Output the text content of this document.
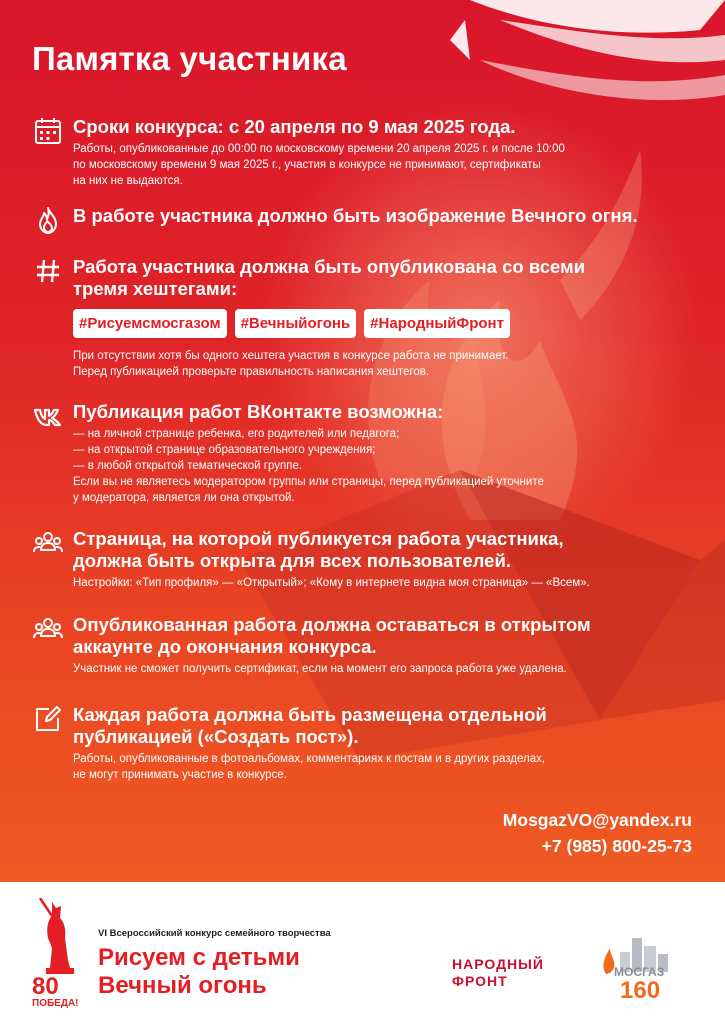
Памятка участника
Сроки конкурса: с 20 апреля по 9 мая 2025 года.
Работы, опубликованные до 00:00 по московскому времени 20 апреля 2025 г. и после 10:00
по московскому времени 9 мая 2025 г., участия в конкурсе не принимают, сертификаты
на них не выдаются.
В работе участника должно быть изображение Вечного огня.
Работа участника должна быть опубликована со всеми
тремя хештегами:
#Рисуемсмосгазом	#Вечныйогонь	#НародныйФронт
При отсутствии хотя бы одного хештега участия в конкурсе работа не принимает.
Перед публикацией проверьте правильность написания хештегов.
Публикация работ ВКонтакте возможна:
— на личной странице ребенка, его родителей или педагога;
— на открытой странице образовательного учреждения;
— в любой открытой тематической группе.
Если вы не являетесь модератором группы или страницы, перед публикацией уточните
у модератора, является ли она открытой.
Страница, на которой публикуется работа участника,
должна быть открыта для всех пользователей.
Настройки: «Тип профиля» — «Открытый»; «Кому в интернете видна моя страница» — «Всем».
Опубликованная работа должна оставаться в открытом
аккаунте до окончания конкурса.
Участник не сможет получить сертификат, если на момент его запроса работа уже удалена.
Каждая работа должна быть размещена отдельной
публикацией («Создать пост»).
Работы, опубликованные в фотоальбомах, комментариях к постам и в других разделах,
не могут принимать участие в конкурсе.
MosgazVO@yandex.ru
+7 (985) 800-25-73
80
ПОБЕДА!
VI Всероссийский конкурс семейного творчества
Рисуем с детьми
Вечный огонь
НАРОДНЫЙ
ФРОНТ
МОСГАЗ
160
